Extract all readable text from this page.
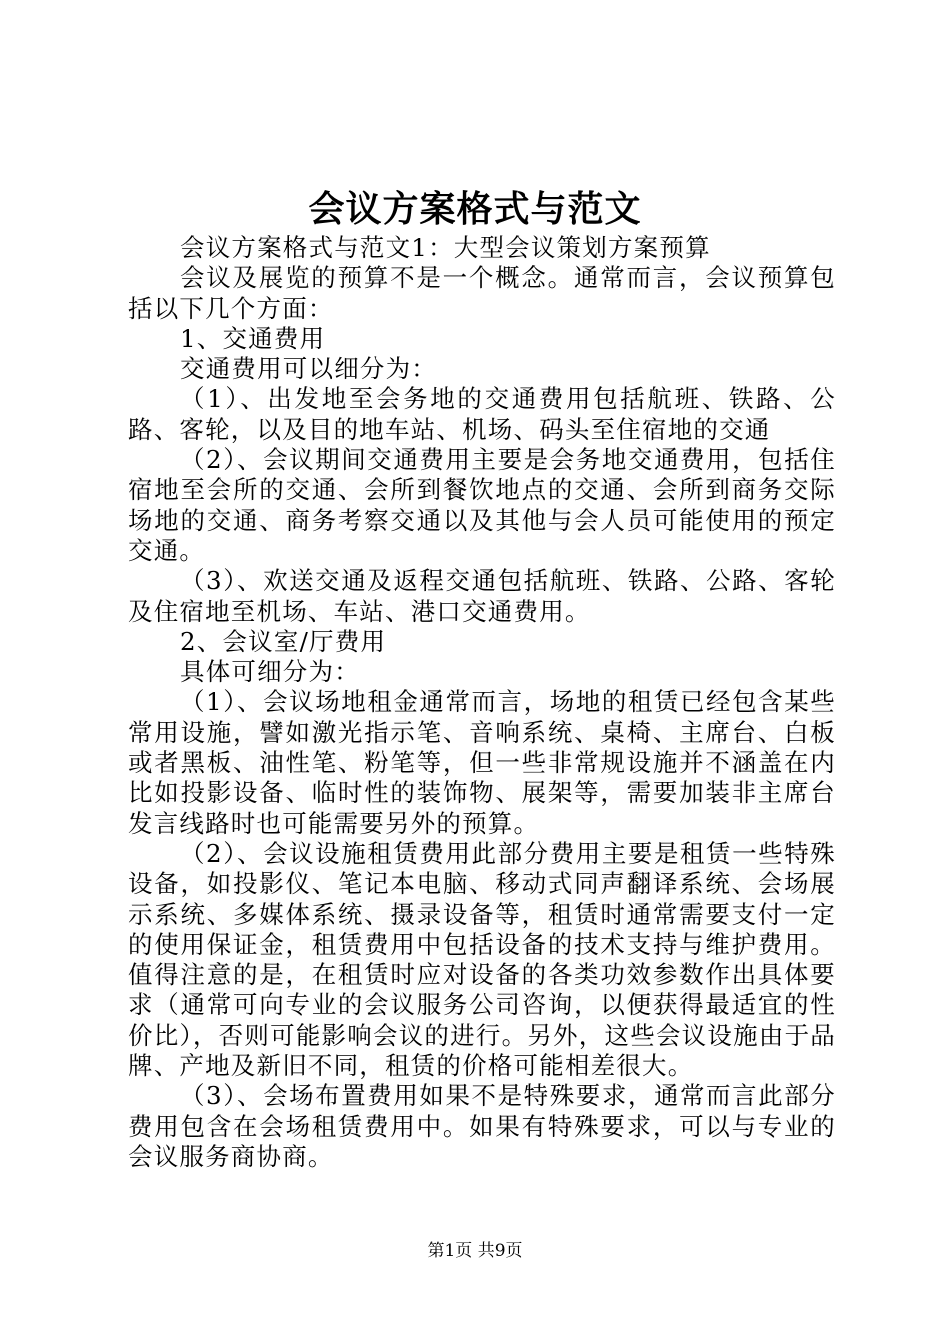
会议方案格式与范文

会议方案格式与范文1：大型会议策划方案预算

会议及展览的预算不是一个概念。通常而言，会议预算包括以下几个方面：

1、交通费用

交通费用可以细分为：

（1）、出发地至会务地的交通费用包括航班、铁路、公路、客轮，以及目的地车站、机场、码头至住宿地的交通

（2）、会议期间交通费用主要是会务地交通费用，包括住宿地至会所的交通、会所到餐饮地点的交通、会所到商务交际场地的交通、商务考察交通以及其他与会人员可能使用的预定交通。

（3）、欢送交通及返程交通包括航班、铁路、公路、客轮及住宿地至机场、车站、港口交通费用。

2、会议室/厅费用

具体可细分为：

（1）、会议场地租金通常而言，场地的租赁已经包含某些常用设施，譬如激光指示笔、音响系统、桌椅、主席台、白板或者黑板、油性笔、粉笔等，但一些非常规设施并不涵盖在内比如投影设备、临时性的装饰物、展架等，需要加装非主席台发言线路时也可能需要另外的预算。

（2）、会议设施租赁费用此部分费用主要是租赁一些特殊设备，如投影仪、笔记本电脑、移动式同声翻译系统、会场展示系统、多媒体系统、摄录设备等，租赁时通常需要支付一定的使用保证金，租赁费用中包括设备的技术支持与维护费用。值得注意的是，在租赁时应对设备的各类功效参数作出具体要求（通常可向专业的会议服务公司咨询，以便获得最适宜的性价比），否则可能影响会议的进行。另外，这些会议设施由于品牌、产地及新旧不同，租赁的价格可能相差很大。

（3）、会场布置费用如果不是特殊要求，通常而言此部分费用包含在会场租赁费用中。如果有特殊要求，可以与专业的会议服务商协商。

第1页 共9页
